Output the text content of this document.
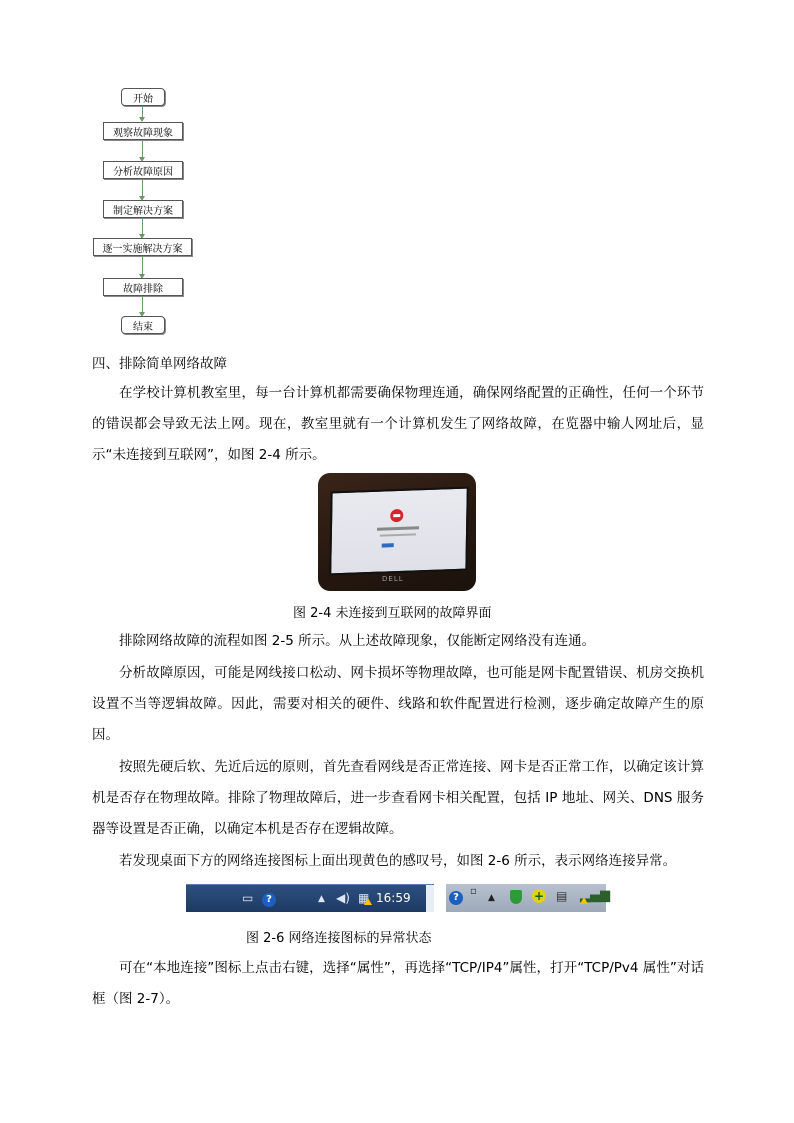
开始
观察故障现象
分析故障原因
制定解决方案
逐一实施解决方案
故障排除
结束
四、排除简单网络故障

在学校计算机教室里，每一台计算机都需要确保物理连通，确保网络配置的正确性，任何一个环节的错误都会导致无法上网。现在，教室里就有一个计算机发生了网络故障，在览器中输人网址后，显示“未连接到互联网”，如图 2-4 所示。

DELL
图 2-4 未连接到互联网的故障界面

排除网络故障的流程如图 2-5 所示。从上述故障现象，仅能断定网络没有连通。

分析故障原因，可能是网线接口松动、网卡损坏等物理故障，也可能是网卡配置错误、机房交换机设置不当等逻辑故障。因此，需要对相关的硬件、线路和软件配置进行检测，逐步确定故障产生的原因。

按照先硬后软、先近后远的原则，首先查看网线是否正常连接、网卡是否正常工作，以确定该计算机是否存在物理故障。排除了物理故障后，进一步查看网卡相关配置，包括 IP 地址、网关、DNS 服务器等设置是否正确，以确定本机是否存在逻辑故障。

若发现桌面下方的网络连接图标上面出现黄色的感叹号，如图 2-6 所示，表示网络连接异常。

▭	?	▲ ◀) ▦ 16:59	?
▫
▲	+ ▤ ▂▄▆
图 2-6 网络连接图标的异常状态

可在“本地连接”图标上点击右键，选择“属性”，再选择“TCP/IP4”属性，打开“TCP/Pv4 属性”对话框（图 2-7）。
